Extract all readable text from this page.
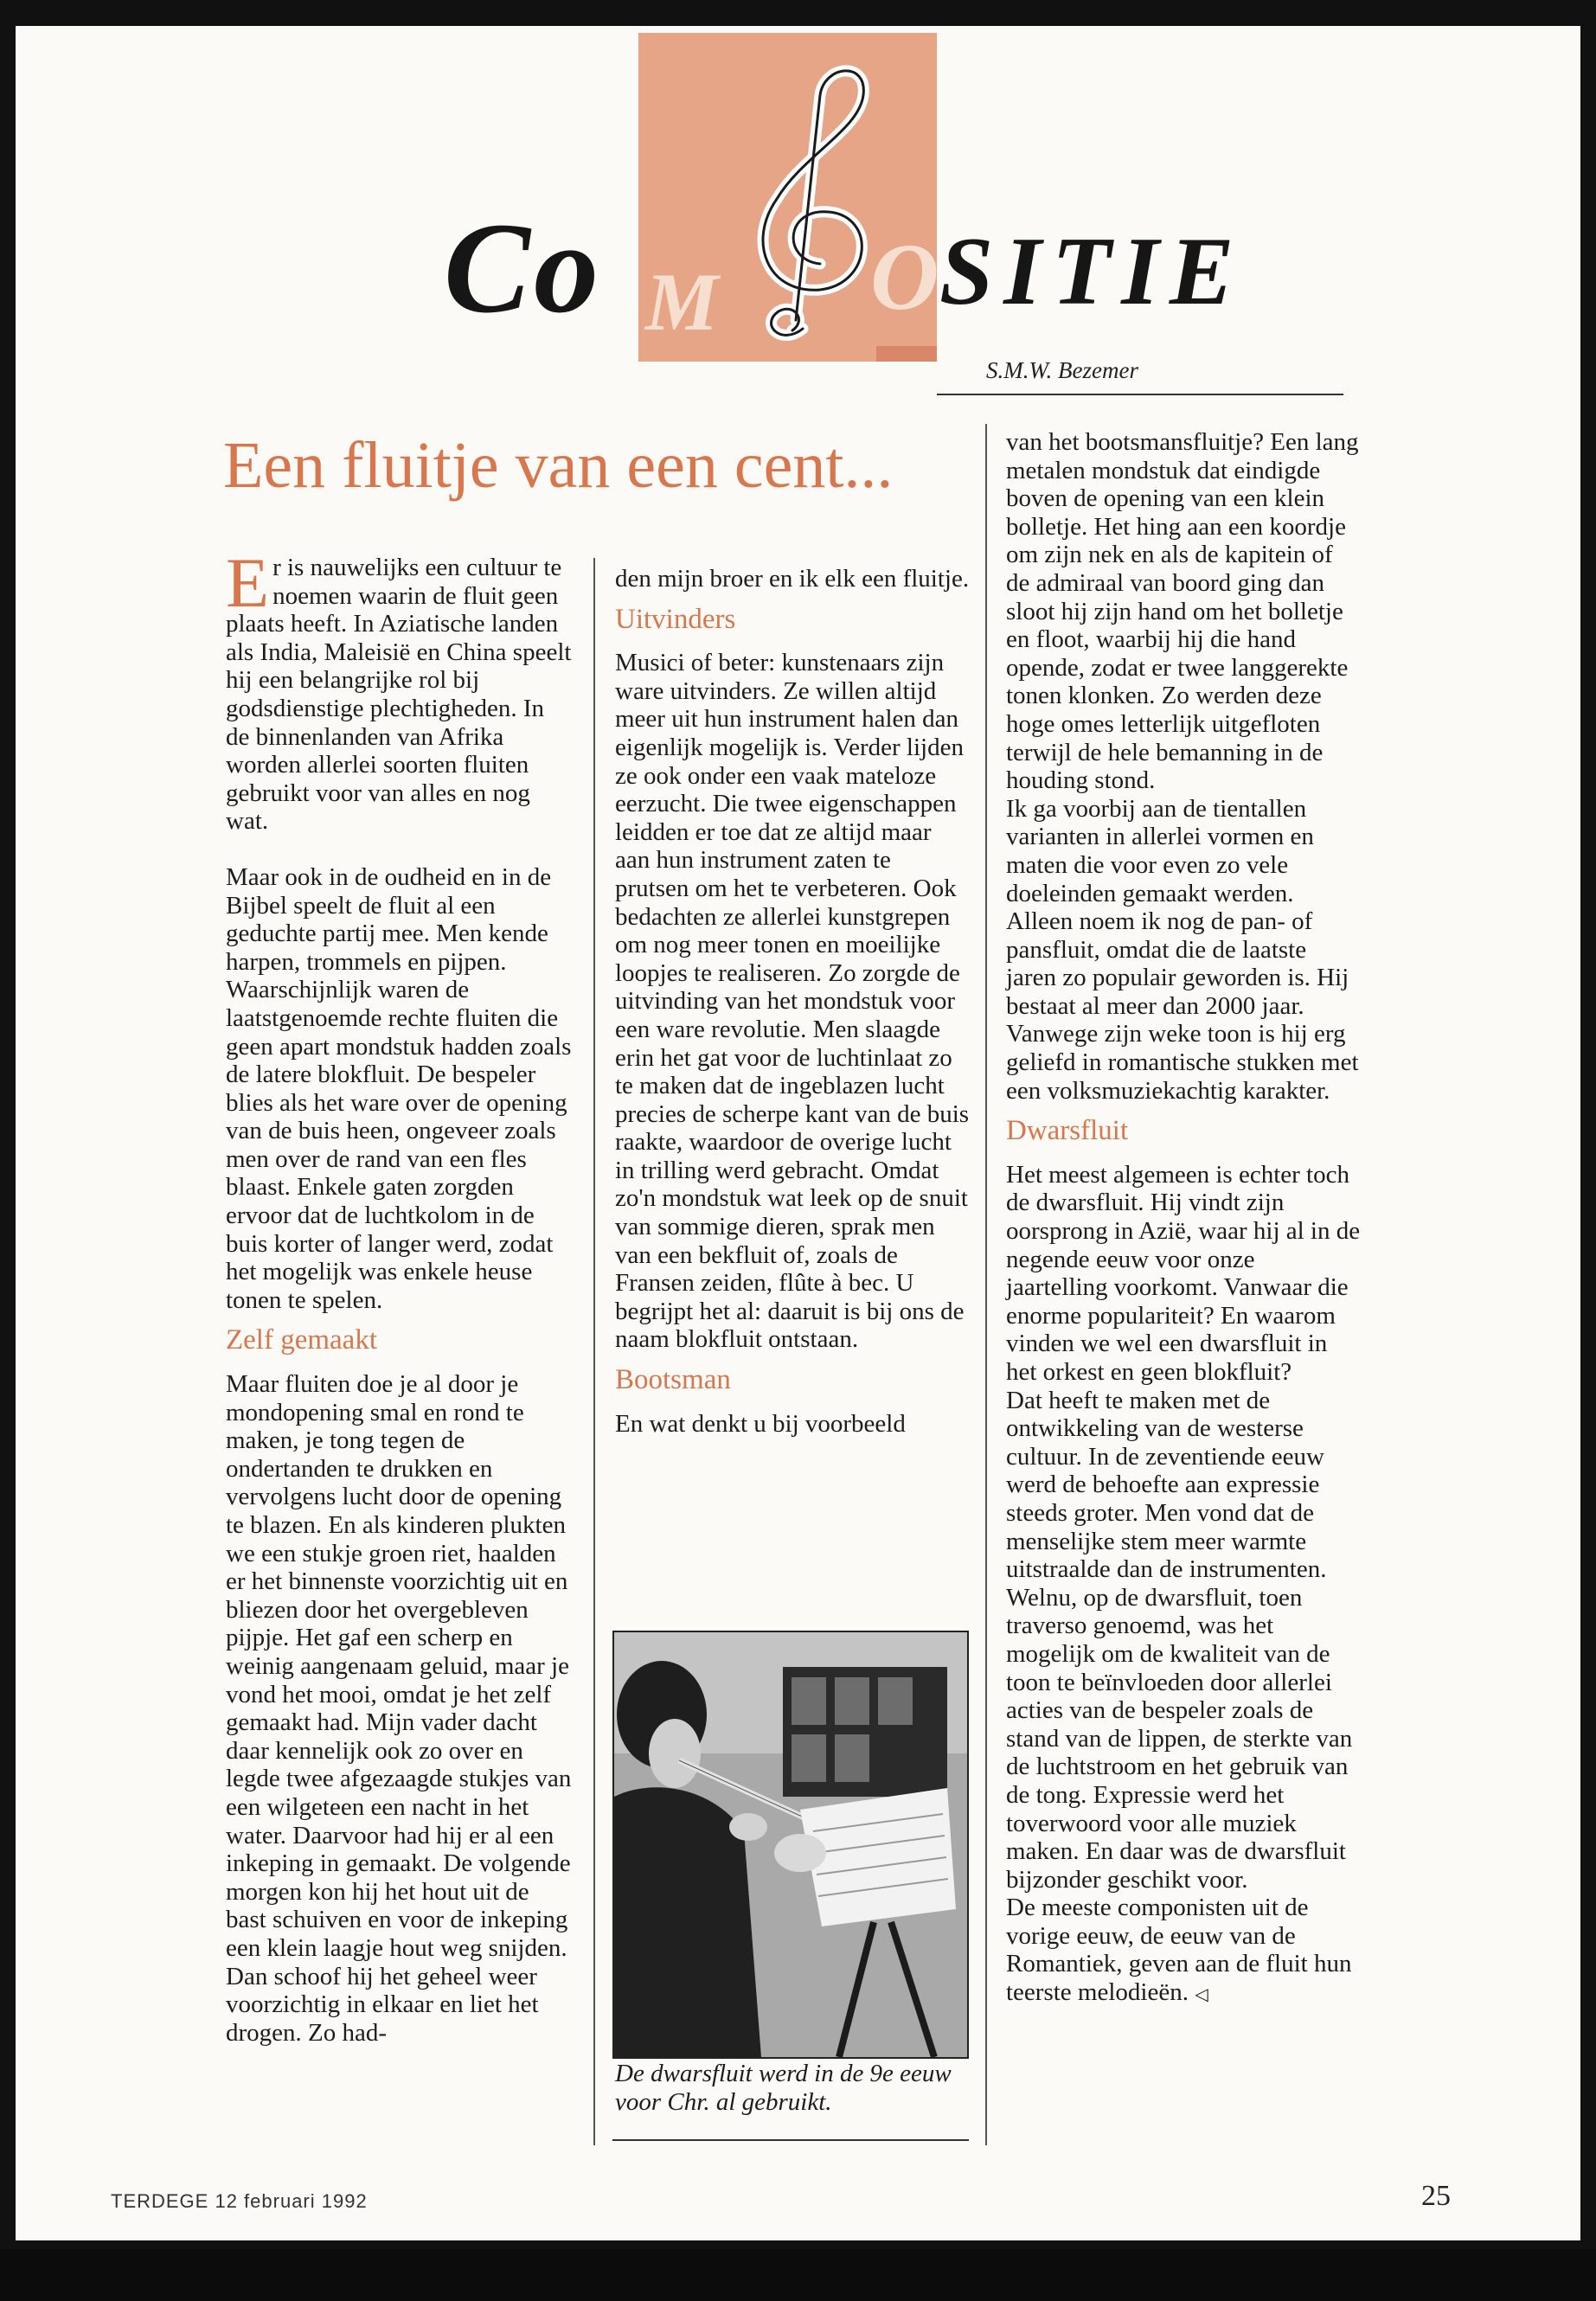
Co M O SITIE
S.M.W. Bezemer
Een fluitje van een cent...

Er is nauwelijks een cultuur te noemen waarin de fluit geen plaats heeft. In Aziatische landen als India, Maleisië en China speelt hij een belangrijke rol bij godsdienstige plechtigheden. In de binnenlanden van Afrika worden allerlei soorten fluiten gebruikt voor van alles en nog wat.

Maar ook in de oudheid en in de Bijbel speelt de fluit al een geduchte partij mee. Men kende harpen, trommels en pijpen. Waarschijnlijk waren de laatstgenoemde rechte fluiten die geen apart mondstuk hadden zoals de latere blokfluit. De bespeler blies als het ware over de opening van de buis heen, ongeveer zoals men over de rand van een fles blaast. Enkele gaten zorgden ervoor dat de luchtkolom in de buis korter of langer werd, zodat het mogelijk was enkele heuse tonen te spelen.

Zelf gemaakt

Maar fluiten doe je al door je mondopening smal en rond te maken, je tong tegen de ondertanden te drukken en vervolgens lucht door de opening te blazen. En als kinderen plukten we een stukje groen riet, haalden er het binnenste voorzichtig uit en bliezen door het overgebleven pijpje. Het gaf een scherp en weinig aangenaam geluid, maar je vond het mooi, omdat je het zelf gemaakt had. Mijn vader dacht daar kennelijk ook zo over en legde twee afgezaagde stukjes van een wilgeteen een nacht in het water. Daarvoor had hij er al een inkeping in gemaakt. De volgende morgen kon hij het hout uit de bast schuiven en voor de inkeping een klein laagje hout weg snijden. Dan schoof hij het geheel weer voorzichtig in elkaar en liet het drogen. Zo had-

den mijn broer en ik elk een fluitje.

Uitvinders

Musici of beter: kunstenaars zijn ware uitvinders. Ze willen altijd meer uit hun instrument halen dan eigenlijk mogelijk is. Verder lijden ze ook onder een vaak mateloze eerzucht. Die twee eigenschappen leidden er toe dat ze altijd maar aan hun instrument zaten te prutsen om het te verbeteren. Ook bedachten ze allerlei kunstgrepen om nog meer tonen en moeilijke loopjes te realiseren. Zo zorgde de uitvinding van het mondstuk voor een ware revolutie. Men slaagde erin het gat voor de luchtinlaat zo te maken dat de ingeblazen lucht precies de scherpe kant van de buis raakte, waardoor de overige lucht in trilling werd gebracht. Omdat zo'n mondstuk wat leek op de snuit van sommige dieren, sprak men van een bekfluit of, zoals de Fransen zeiden, flûte à bec. U begrijpt het al: daaruit is bij ons de naam blokfluit ontstaan.

Bootsman

En wat denkt u bij voorbeeld

De dwarsfluit werd in de 9e eeuw voor Chr. al gebruikt.

van het bootsmansfluitje? Een lang metalen mondstuk dat eindigde boven de opening van een klein bolletje. Het hing aan een koordje om zijn nek en als de kapitein of de admiraal van boord ging dan sloot hij zijn hand om het bolletje en floot, waarbij hij die hand opende, zodat er twee langgerekte tonen klonken. Zo werden deze hoge omes letterlijk uitgefloten terwijl de hele bemanning in de houding stond.

Ik ga voorbij aan de tientallen varianten in allerlei vormen en maten die voor even zo vele doeleinden gemaakt werden. Alleen noem ik nog de pan- of pansfluit, omdat die de laatste jaren zo populair geworden is. Hij bestaat al meer dan 2000 jaar. Vanwege zijn weke toon is hij erg geliefd in romantische stukken met een volksmuziekachtig karakter.

Dwarsfluit

Het meest algemeen is echter toch de dwarsfluit. Hij vindt zijn oorsprong in Azië, waar hij al in de negende eeuw voor onze jaartelling voorkomt. Vanwaar die enorme populariteit? En waarom vinden we wel een dwarsfluit in het orkest en geen blokfluit?

Dat heeft te maken met de ontwikkeling van de westerse cultuur. In de zeventiende eeuw werd de behoefte aan expressie steeds groter. Men vond dat de menselijke stem meer warmte uitstraalde dan de instrumenten. Welnu, op de dwarsfluit, toen traverso genoemd, was het mogelijk om de kwaliteit van de toon te beïnvloeden door allerlei acties van de bespeler zoals de stand van de lippen, de sterkte van de luchtstroom en het gebruik van de tong. Expressie werd het toverwoord voor alle muziek maken. En daar was de dwarsfluit bijzonder geschikt voor.

De meeste componisten uit de vorige eeuw, de eeuw van de Romantiek, geven aan de fluit hun teerste melodieën. ◁

TERDEGE 12 februari 1992	25
